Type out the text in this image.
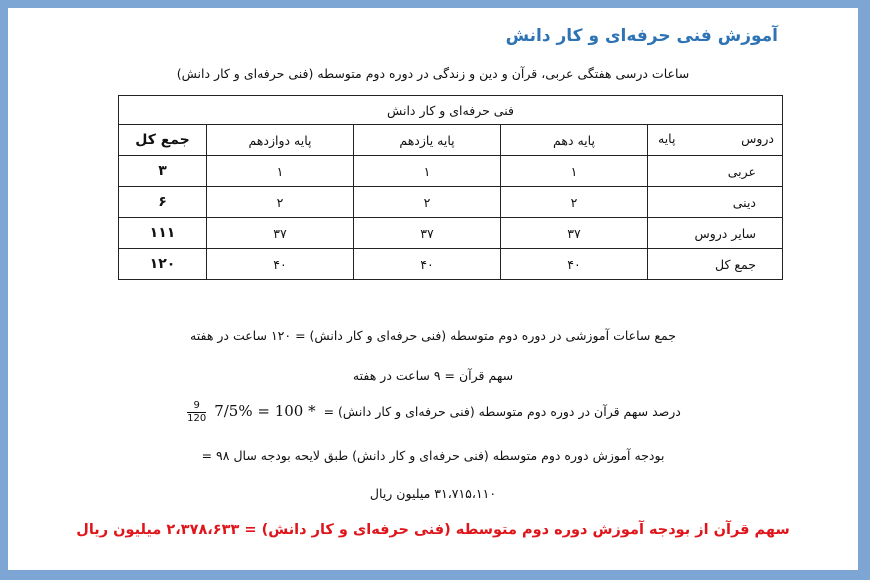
آموزش فنی حرفه‌ای و کار دانش
ساعات درسی هفتگی عربی، قرآن و دین و زندگی در دوره دوم متوسطه (فنی حرفه‌ای و کار دانش)
فنی حرفه‌ای و کار دانش				

دروس
پایه	پایه دهم	پایه یازدهم	پایه دوازدهم	جمع کل
عربی	۱	۱	۱	۳
دینی	۲	۲	۲	۶
سایر دروس	۳۷	۳۷	۳۷	۱۱۱
جمع کل	۴۰	۴۰	۴۰	۱۲۰
جمع ساعات آموزشی در دوره دوم متوسطه (فنی حرفه‌ای و کار دانش) = ۱۲۰ ساعت در هفته
سهم قرآن = ۹ ساعت در هفته
درصد سهم قرآن در دوره دوم متوسطه (فنی حرفه‌ای و کار دانش) = 7/5% = 100 *
$\frac{9}{120}$
بودجه آموزش دوره دوم متوسطه (فنی حرفه‌ای و کار دانش) طبق لایحه بودجه سال ۹۸ =
۳۱،۷۱۵،۱۱۰ میلیون ریال
سهم قرآن از بودجه آموزش دوره دوم متوسطه (فنی حرفه‌ای و کار دانش) = ۲،۳۷۸،۶۳۳ میلیون ریال
